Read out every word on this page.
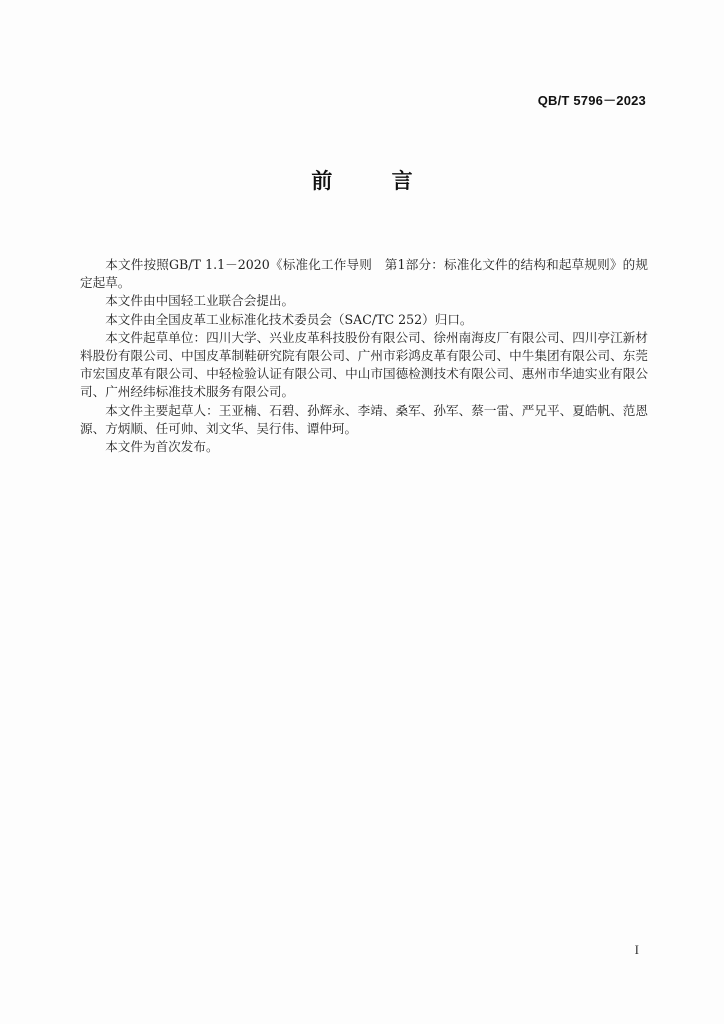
QB/T 5796－2023
前 言

本文件按照GB/T 1.1－2020《标准化工作导则　第1部分：标准化文件的结构和起草规则》的规定起草。

本文件由中国轻工业联合会提出。

本文件由全国皮革工业标准化技术委员会（SAC/TC 252）归口。

本文件起草单位：四川大学、兴业皮革科技股份有限公司、徐州南海皮厂有限公司、四川亭江新材料股份有限公司、中国皮革制鞋研究院有限公司、广州市彩鸿皮革有限公司、中牛集团有限公司、东莞市宏国皮革有限公司、中轻检验认证有限公司、中山市国德检测技术有限公司、惠州市华迪实业有限公司、广州经纬标准技术服务有限公司。

本文件主要起草人：王亚楠、石碧、孙辉永、李靖、桑军、孙军、蔡一雷、严兄平、夏皓帆、范恩源、方炳顺、任可帅、刘文华、吴行伟、谭仲珂。

本文件为首次发布。

I
